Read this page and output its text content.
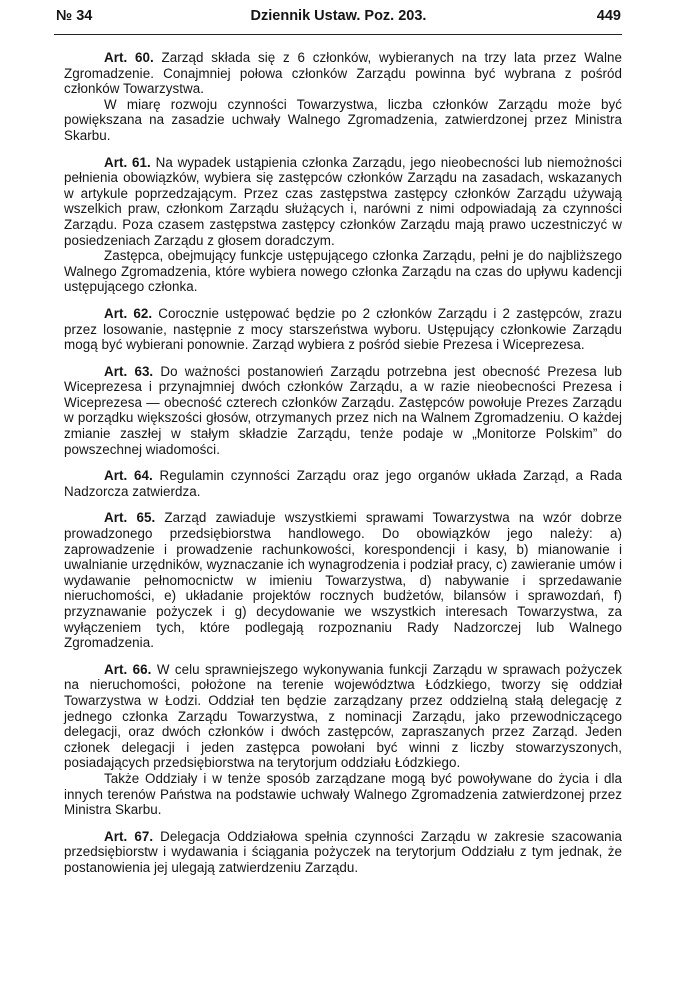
№ 34	Dziennik Ustaw. Poz. 203.	449

Art. 60. Zarząd składa się z 6 członków, wybieranych na trzy lata przez Walne Zgromadzenie. Conajmniej połowa członków Zarządu powinna być wybrana z pośród członków Towarzystwa.

W miarę rozwoju czynności Towarzystwa, liczba członków Zarządu może być powiększana na zasadzie uchwały Walnego Zgromadzenia, zatwierdzonej przez Ministra Skarbu.

Art. 61. Na wypadek ustąpienia członka Zarządu, jego nieobecności lub niemożności pełnienia obowiązków, wybiera się zastępców członków Zarządu na zasadach, wskazanych w artykule poprzedzającym. Przez czas zastępstwa zastępcy członków Zarządu używają wszelkich praw, członkom Zarządu służących i, narówni z nimi odpowiadają za czynności Zarządu. Poza czasem zastępstwa zastępcy członków Zarządu mają prawo uczestniczyć w posiedzeniach Zarządu z głosem doradczym.

Zastępca, obejmujący funkcje ustępującego członka Zarządu, pełni je do najbliższego Walnego Zgromadzenia, które wybiera nowego członka Zarządu na czas do upływu kadencji ustępującego członka.

Art. 62. Corocznie ustępować będzie po 2 członków Zarządu i 2 zastępców, zrazu przez losowanie, następnie z mocy starszeństwa wyboru. Ustępujący członkowie Zarządu mogą być wybierani ponownie. Zarząd wybiera z pośród siebie Prezesa i Wiceprezesa.

Art. 63. Do ważności postanowień Zarządu potrzebna jest obecność Prezesa lub Wiceprezesa i przynajmniej dwóch członków Zarządu, a w razie nieobecności Prezesa i Wiceprezesa — obecność czterech członków Zarządu. Zastępców powołuje Prezes Zarządu w porządku większości głosów, otrzymanych przez nich na Walnem Zgromadzeniu. O każdej zmianie zaszłej w stałym składzie Zarządu, tenże podaje w „Monitorze Polskim” do powszechnej wiadomości.

Art. 64. Regulamin czynności Zarządu oraz jego organów układa Zarząd, a Rada Nadzorcza zatwierdza.

Art. 65. Zarząd zawiaduje wszystkiemi sprawami Towarzystwa na wzór dobrze prowadzonego przedsiębiorstwa handlowego. Do obowiązków jego należy: a) zaprowadzenie i prowadzenie rachunkowości, korespondencji i kasy, b) mianowanie i uwalnianie urzędników, wyznaczanie ich wynagrodzenia i podział pracy, c) zawieranie umów i wydawanie pełnomocnictw w imieniu Towarzystwa, d) nabywanie i sprzedawanie nieruchomości, e) układanie projektów rocznych budżetów, bilansów i sprawozdań, f) przyznawanie pożyczek i g) decydowanie we wszystkich interesach Towarzystwa, za wyłączeniem tych, które podlegają rozpoznaniu Rady Nadzorczej lub Walnego Zgromadzenia.

Art. 66. W celu sprawniejszego wykonywania funkcji Zarządu w sprawach pożyczek na nieruchomości, położone na terenie województwa Łódzkiego, tworzy się oddział Towarzystwa w Łodzi. Oddział ten będzie zarządzany przez oddzielną stałą delegację z jednego członka Zarządu Towarzystwa, z nominacji Zarządu, jako przewodniczącego delegacji, oraz dwóch członków i dwóch zastępców, zapraszanych przez Zarząd. Jeden członek delegacji i jeden zastępca powołani być winni z liczby stowarzyszonych, posiadających przedsiębiorstwa na terytorjum oddziału Łódzkiego.

Także Oddziały i w tenże sposób zarządzane mogą być powoływane do życia i dla innych terenów Państwa na podstawie uchwały Walnego Zgromadzenia zatwierdzonej przez Ministra Skarbu.

Art. 67. Delegacja Oddziałowa spełnia czynności Zarządu w zakresie szacowania przedsiębiorstw i wydawania i ściągania pożyczek na terytorjum Oddziału z tym jednak, że postanowienia jej ulegają zatwierdzeniu Zarządu.
